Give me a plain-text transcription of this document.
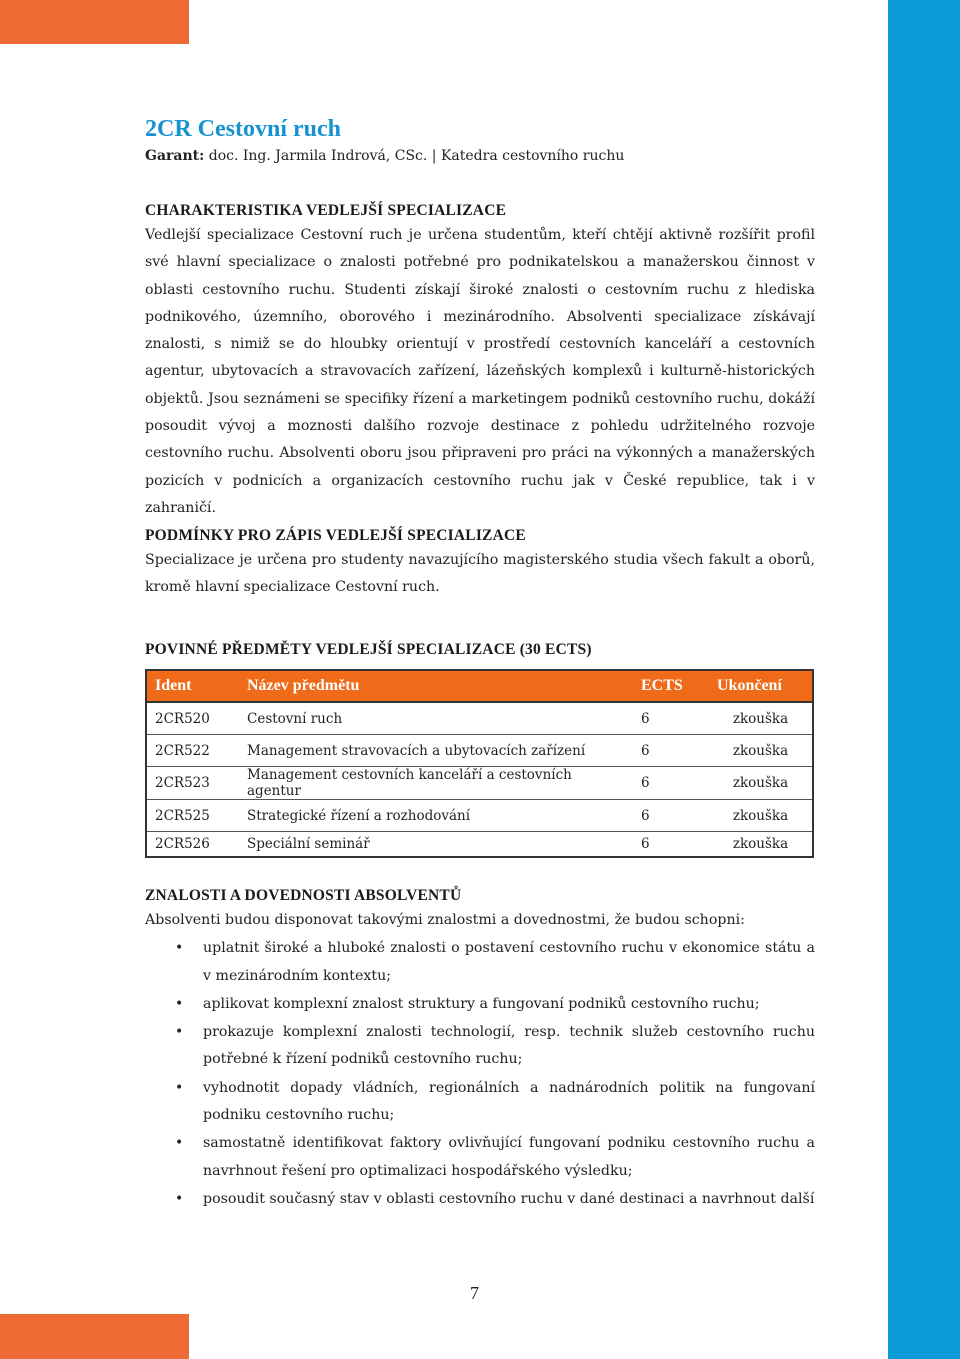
2CR Cestovní ruch

Garant: doc. Ing. Jarmila Indrová, CSc. | Katedra cestovního ruchu

CHARAKTERISTIKA VEDLEJŠÍ SPECIALIZACE

Vedlejší specializace Cestovní ruch je určena studentům, kteří chtějí aktivně rozšířit profil své hlavní specializace o znalosti potřebné pro podnikatelskou a manažerskou činnost v oblasti cestovního ruchu. Studenti získají široké znalosti o cestovním ruchu z hlediska podnikového, územního, oborového i mezinárodního. Absolventi specializace získávají znalosti, s nimiž se do hloubky orientují v prostředí cestovních kanceláří a cestovních agentur, ubytovacích a stravovacích zařízení, lázeňských komplexů i kulturně-historických objektů. Jsou seznámeni se specifiky řízení a marketingem podniků cestovního ruchu, dokáží posoudit vývoj a moznosti dalšího rozvoje destinace z pohledu udržitelného rozvoje cestovního ruchu. Absolventi oboru jsou připraveni pro práci na výkonných a manažerských pozicích v podnicích a organizacích cestovního ruchu jak v České republice, tak i v zahraničí.

PODMÍNKY PRO ZÁPIS VEDLEJŠÍ SPECIALIZACE

Specializace je určena pro studenty navazujícího magisterského studia všech fakult a oborů, kromě hlavní specializace Cestovní ruch.

POVINNÉ PŘEDMĚTY VEDLEJŠÍ SPECIALIZACE (30 ECTS)
Ident	Název předmětu	ECTS	Ukončení
2CR520	Cestovní ruch	6	zkouška
2CR522	Management stravovacích a ubytovacích zařízení	6	zkouška
2CR523	Management cestovních kanceláří a cestovních agentur	6	zkouška
2CR525	Strategické řízení a rozhodování	6	zkouška
2CR526	Speciální seminář	6	zkouška
ZNALOSTI A DOVEDNOSTI ABSOLVENTŮ

Absolventi budou disponovat takovými znalostmi a dovednostmi, že budou schopni:

• uplatnit široké a hluboké znalosti o postavení cestovního ruchu v ekonomice státu a v mezinárodním kontextu;
• aplikovat komplexní znalost struktury a fungovaní podniků cestovního ruchu;
• prokazuje komplexní znalosti technologií, resp. technik služeb cestovního ruchu potřebné k řízení podniků cestovního ruchu;
• vyhodnotit dopady vládních, regionálních a nadnárodních politik na fungovaní podniku cestovního ruchu;
• samostatně identifikovat faktory ovlivňující fungovaní podniku cestovního ruchu a navrhnout řešení pro optimalizaci hospodářského výsledku;
• posoudit současný stav v oblasti cestovního ruchu v dané destinaci a navrhnout další
7
